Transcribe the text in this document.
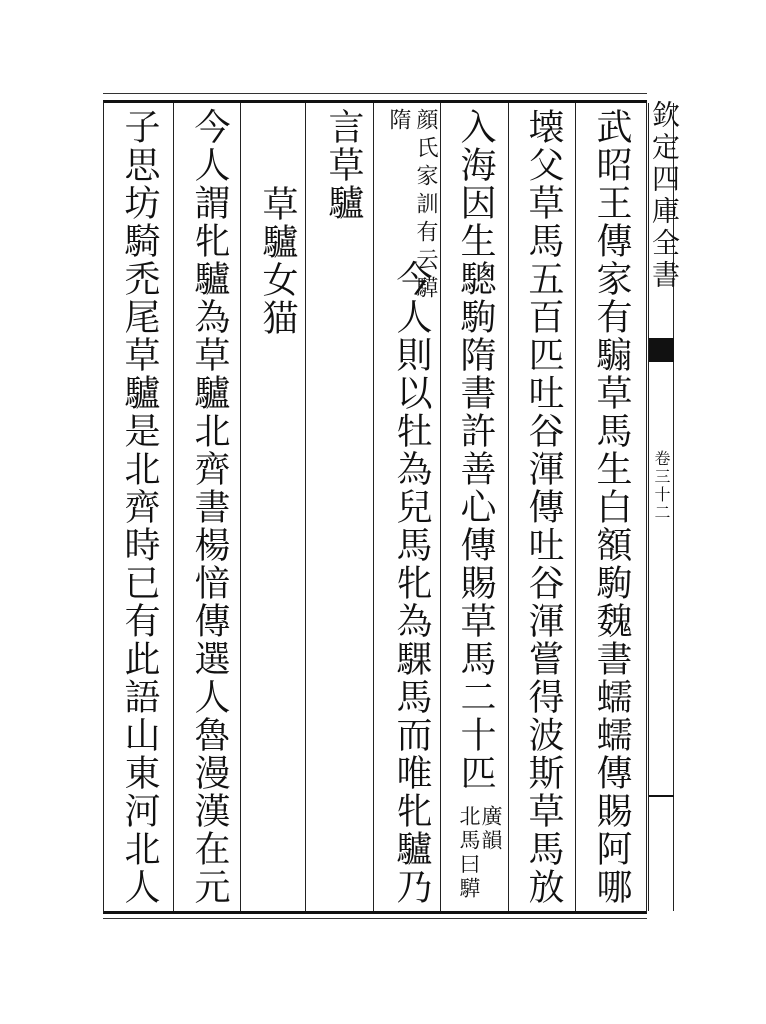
欽定四庫全書
卷三十二
武昭王傳家有騸草馬生白額駒魏書蠕蠕傳賜阿哪
壊父草馬五百匹吐谷渾傳吐谷渾嘗得波斯草馬放
入海因生驄駒隋書許善心傳賜草馬二十匹
廣韻
北馬曰騲
顔氏家訓有云騲
隋
今人則以牡為兒馬牝為騍馬而唯牝驢乃
言草驢
草驢女猫
今人謂牝驢為草驢北齊書楊愔傳選人魯漫漢在元
子思坊騎禿尾草驢是北齊時已有此語山東河北人
